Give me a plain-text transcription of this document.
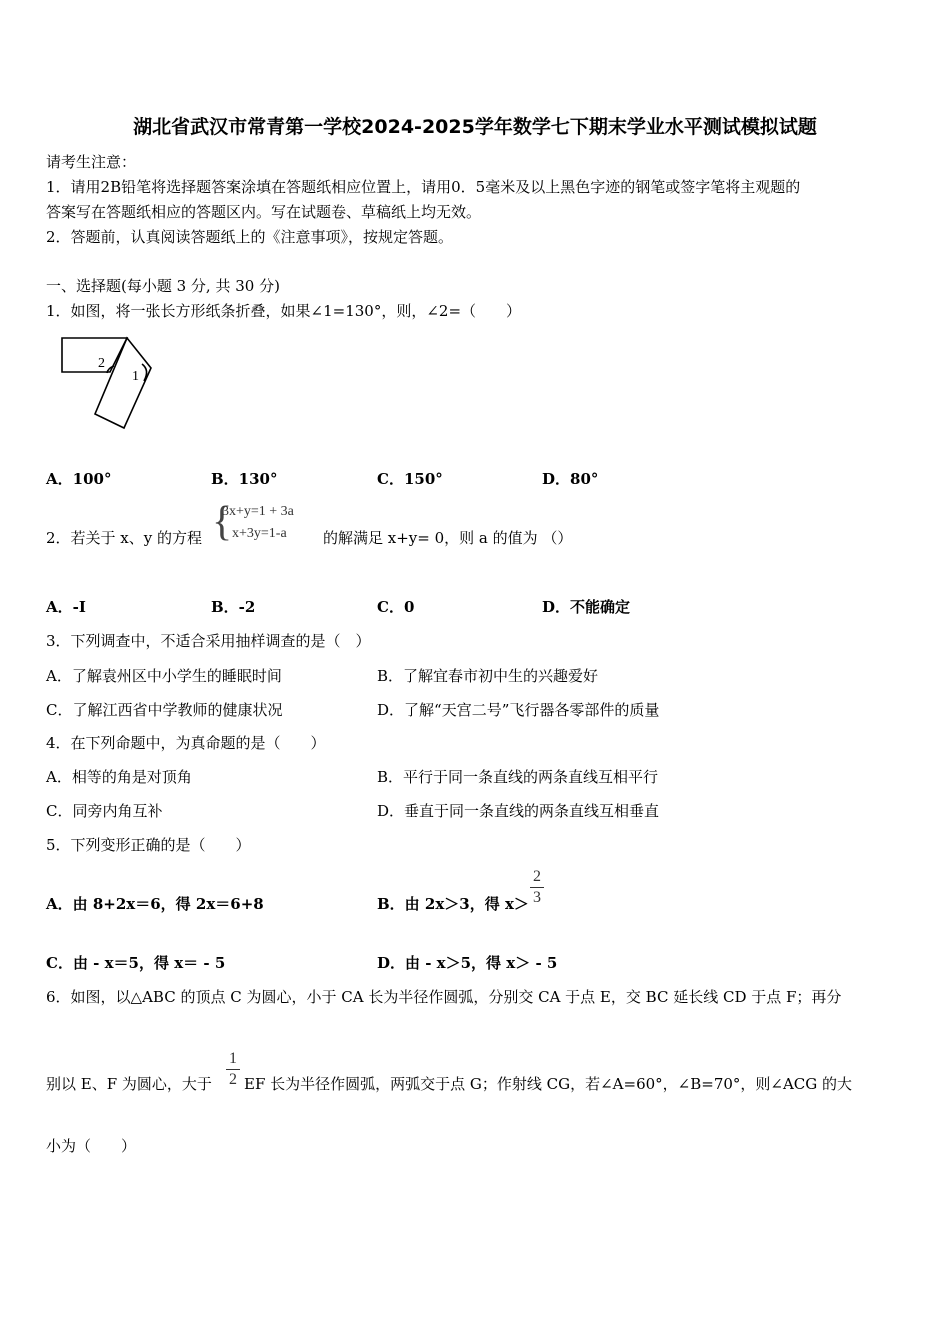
湖北省武汉市常青第一学校2024-2025学年数学七下期末学业水平测试模拟试题
请考生注意：
1．请用2B铅笔将选择题答案涂填在答题纸相应位置上，请用0．5毫米及以上黑色字迹的钢笔或签字笔将主观题的
答案写在答题纸相应的答题区内。写在试题卷、草稿纸上均无效。
2．答题前，认真阅读答题纸上的《注意事项》，按规定答题。
一、选择题(每小题 3 分, 共 30 分)
1．如图，将一张长方形纸条折叠，如果∠1=130°，则，∠2=（　　）
2
1
A．100°	B．130°	C．150°	D．80°
2．若关于 x、y 的方程 {
3x+y=1 + 3a
x+3y=1-a	的解满足 x+y= 0，则 a 的值为 （）
A．-I	B．-2	C．0	D．不能确定
3．下列调查中，不适合采用抽样调查的是（　）
A．了解袁州区中小学生的睡眠时间	B．了解宜春市初中生的兴趣爱好
C．了解江西省中学教师的健康状况	D．了解“天宫二号”飞行器各零部件的质量
4．在下列命题中，为真命题的是（　　）
A．相等的角是对顶角	B．平行于同一条直线的两条直线互相平行
C．同旁内角互补	D．垂直于同一条直线的两条直线互相垂直
5．下列变形正确的是（　　）
A．由 8+2x＝6，得 2x＝6+8	B．由 2x＞3，得 x＞
2
3
C．由 - x＝5，得 x＝ - 5	D．由 - x＞5，得 x＞ - 5
6．如图，以△ABC 的顶点 C 为圆心，小于 CA 长为半径作圆弧，分别交 CA 于点 E，交 BC 延长线 CD 于点 F；再分
别以 E、F 为圆心，大于
1
2 EF 长为半径作圆弧，两弧交于点 G；作射线 CG，若∠A=60°，∠B=70°，则∠ACG 的大
小为（　　）
